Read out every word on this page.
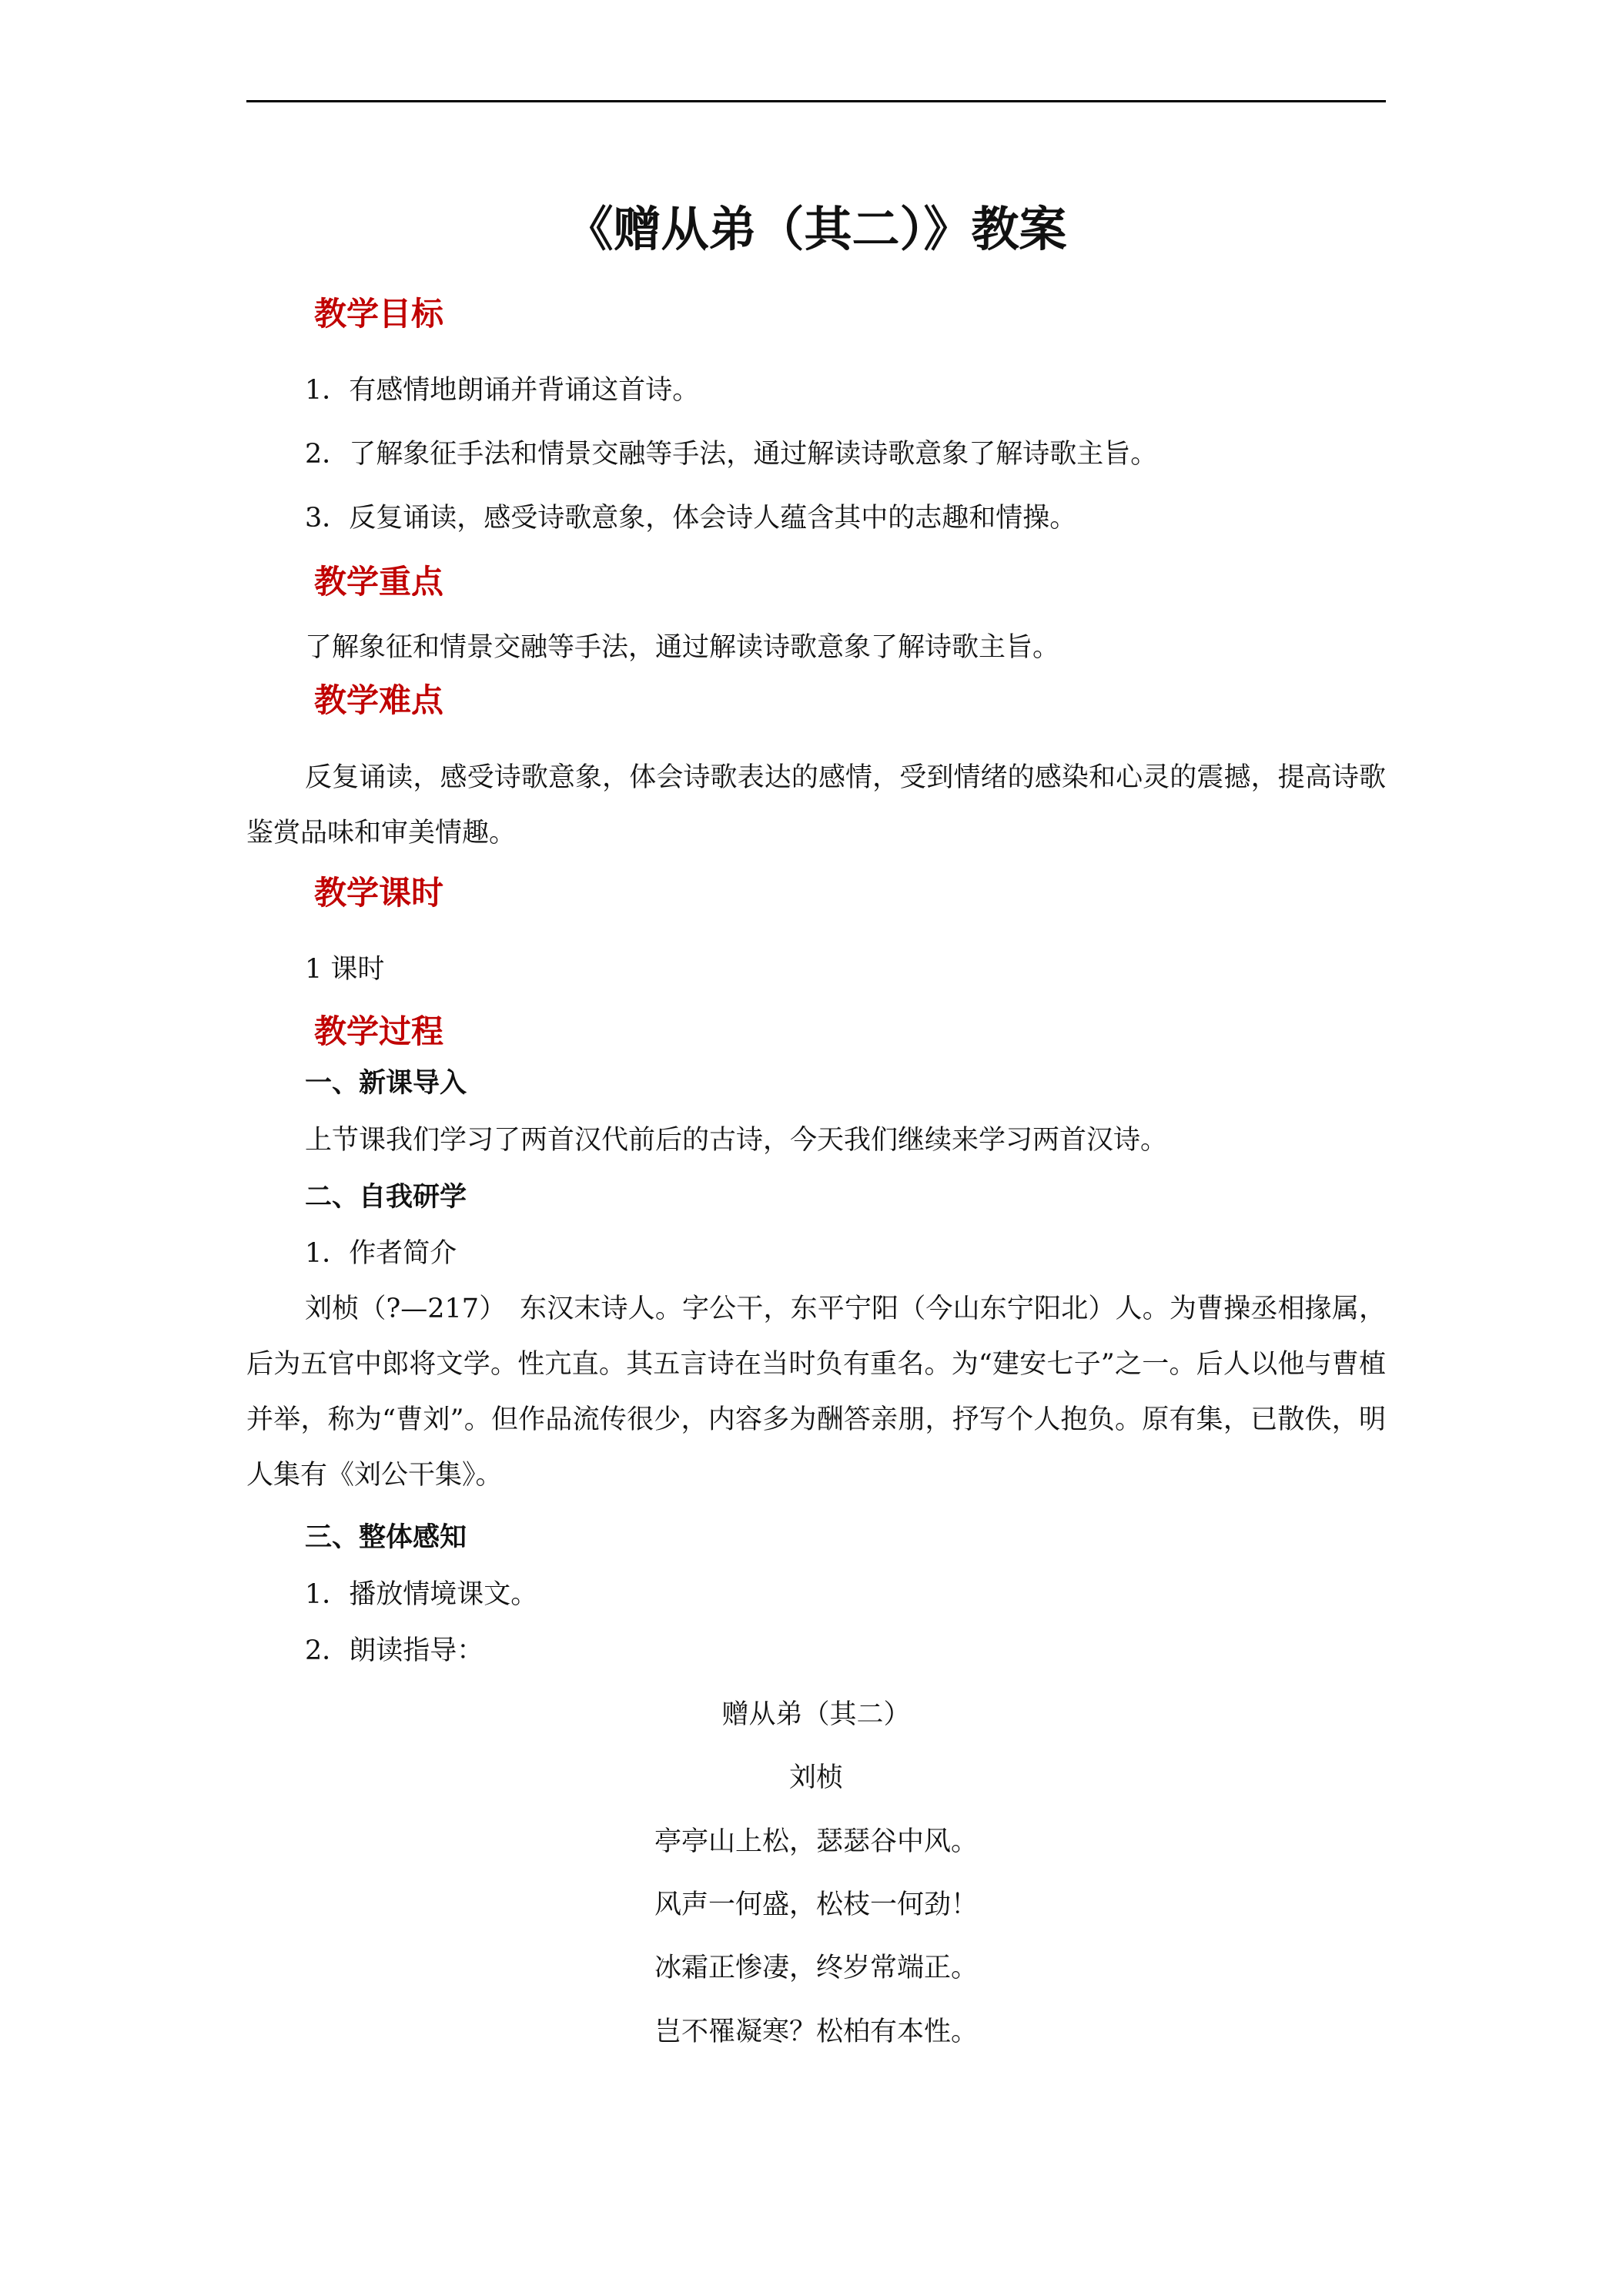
《赠从弟（其二）》教案
教学目标
1．有感情地朗诵并背诵这首诗。
2．了解象征手法和情景交融等手法，通过解读诗歌意象了解诗歌主旨。
3．反复诵读，感受诗歌意象，体会诗人蕴含其中的志趣和情操。
教学重点
了解象征和情景交融等手法，通过解读诗歌意象了解诗歌主旨。
教学难点
反复诵读，感受诗歌意象，体会诗歌表达的感情，受到情绪的感染和心灵的震撼，提高诗歌鉴赏品味和审美情趣。
教学课时
1 课时
教学过程
一、新课导入
上节课我们学习了两首汉代前后的古诗，今天我们继续来学习两首汉诗。
二、自我研学
1．作者简介
刘桢（?—217）　东汉末诗人。字公干，东平宁阳（今山东宁阳北）人。为曹操丞相掾属，后为五官中郎将文学。性亢直。其五言诗在当时负有重名。为“建安七子”之一。后人以他与曹植并举，称为“曹刘”。但作品流传很少，内容多为酬答亲朋，抒写个人抱负。原有集，已散佚，明人集有《刘公干集》。
三、整体感知
1．播放情境课文。
2．朗读指导：
赠从弟（其二）
刘桢
亭亭山上松，瑟瑟谷中风。
风声一何盛，松枝一何劲！
冰霜正惨凄，终岁常端正。
岂不罹凝寒？松柏有本性。
